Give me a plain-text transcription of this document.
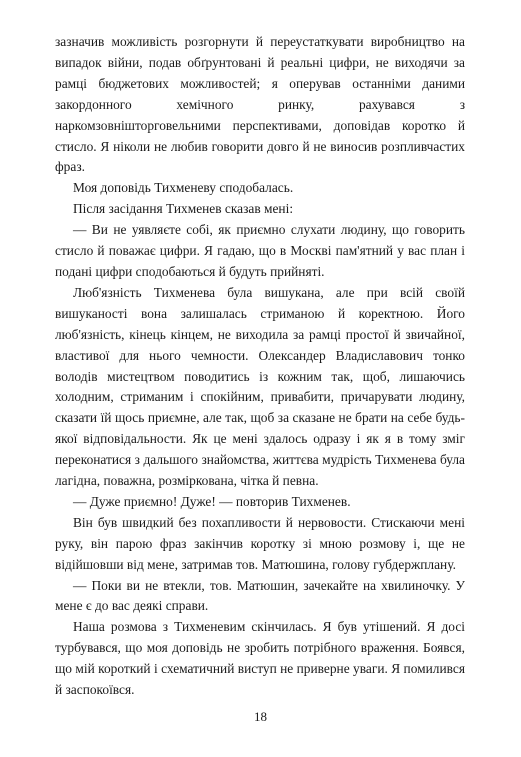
зазначив можливість розгорнути й переустаткувати виробництво на випадок війни, подав обґрунтовані й реальні цифри, не виходячи за рамці бюджетових можливостей; я оперував останніми даними закордонного хемічного ринку, рахувався з наркомзовнішторговельними перспективами, доповідав коротко й стисло. Я ніколи не любив говорити довго й не виносив розпливчастих фраз.

Моя доповідь Тихменеву сподобалась.

Після засідання Тихменев сказав мені:

— Ви не уявляєте собі, як приємно слухати людину, що говорить стисло й поважає цифри. Я гадаю, що в Москві пам'ятний у вас план і подані цифри сподобаються й будуть прийняті.

Люб'язність Тихменева була вишукана, але при всій своїй вишуканості вона залишалась стриманою й коректною. Його люб'язність, кінець кінцем, не виходила за рамці простої й звичайної, властивої для нього чемности. Олександер Владиславович тонко володів мистецтвом поводитись із кожним так, щоб, лишаючись холодним, стриманим і спокійним, привабити, причарувати людину, сказати їй щось приємне, але так, щоб за сказане не брати на себе будь-якої відповідальности. Як це мені здалось одразу і як я в тому зміг переконатися з дальшого знайомства, життєва мудрість Тихменева була лагідна, поважна, розміркована, чітка й певна.

— Дуже приємно! Дуже! — повторив Тихменев.

Він був швидкий без похапливости й нервовости. Стискаючи мені руку, він парою фраз закінчив коротку зі мною розмову і, ще не відійшовши від мене, затримав тов. Матюшина, голову губдержплану.

— Поки ви не втекли, тов. Матюшин, зачекайте на хвилиночку. У мене є до вас деякі справи.

Наша розмова з Тихменевим скінчилась. Я був утішений. Я досі турбувався, що моя доповідь не зробить потрібного враження. Боявся, що мій короткий і схематичний виступ не приверне уваги. Я помилився й заспокоївся.

18
